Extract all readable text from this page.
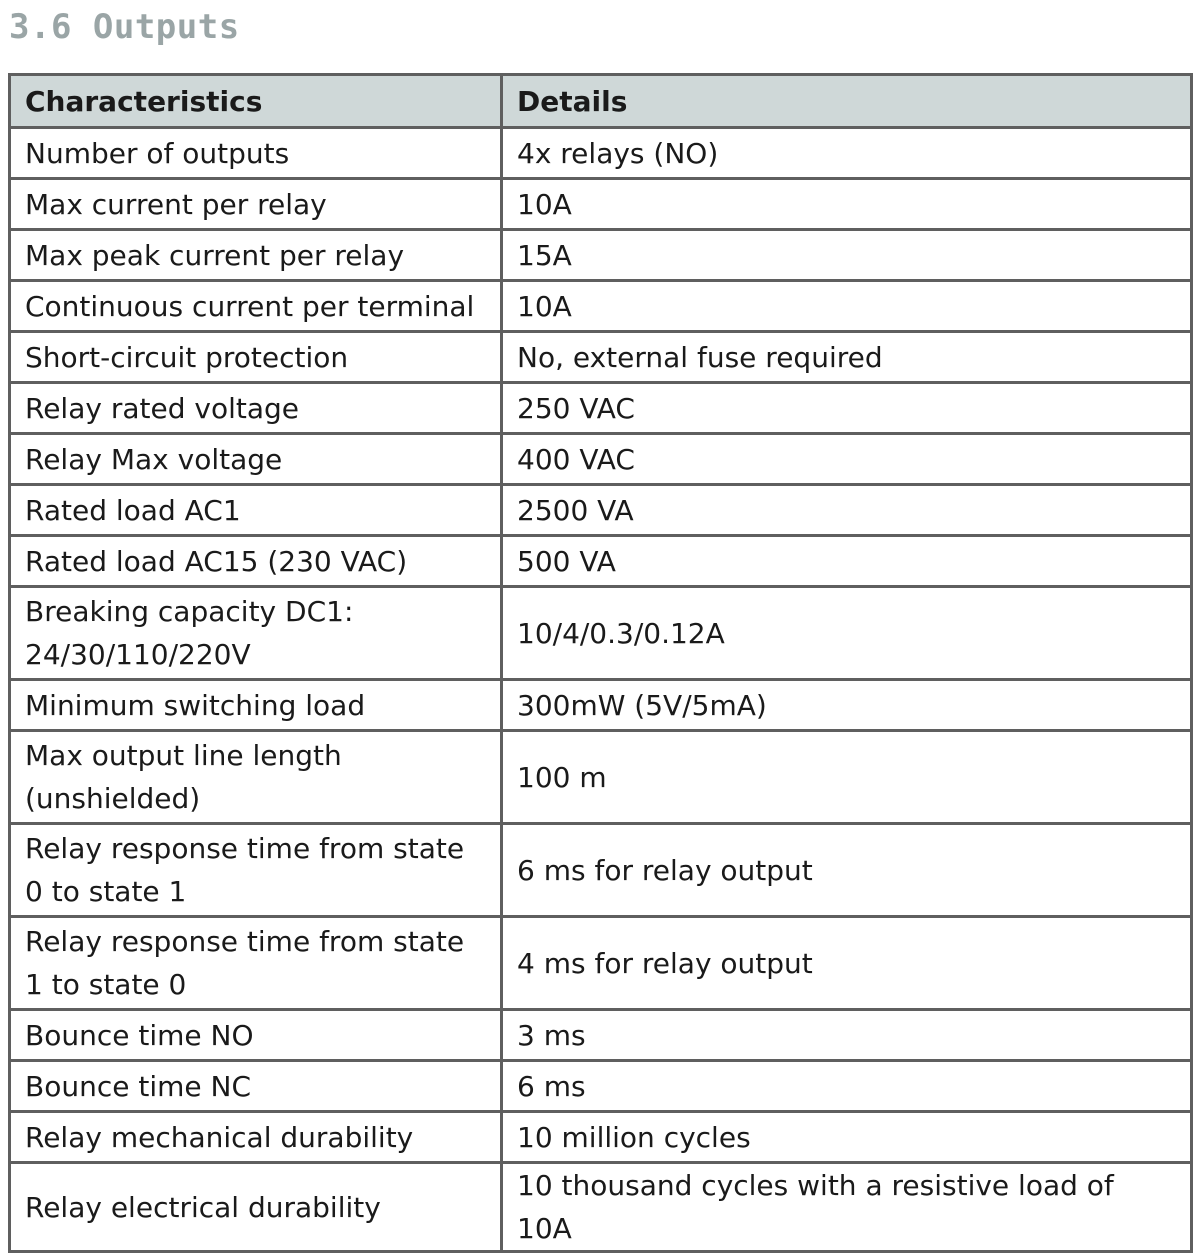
3.6 Outputs
Characteristics	Details
Number of outputs	4x relays (NO)
Max current per relay	10A
Max peak current per relay	15A
Continuous current per terminal	10A
Short-circuit protection	No, external fuse required
Relay rated voltage	250 VAC
Relay Max voltage	400 VAC
Rated load AC1	2500 VA
Rated load AC15 (230 VAC)	500 VA
Breaking capacity DC1: 24/30/110/220V	10/4/0.3/0.12A
Minimum switching load	300mW (5V/5mA)
Max output line length (unshielded)	100 m
Relay response time from state 0 to state 1	6 ms for relay output
Relay response time from state 1 to state 0	4 ms for relay output
Bounce time NO	3 ms
Bounce time NC	6 ms
Relay mechanical durability	10 million cycles
Relay electrical durability	10 thousand cycles with a resistive load of 10A
